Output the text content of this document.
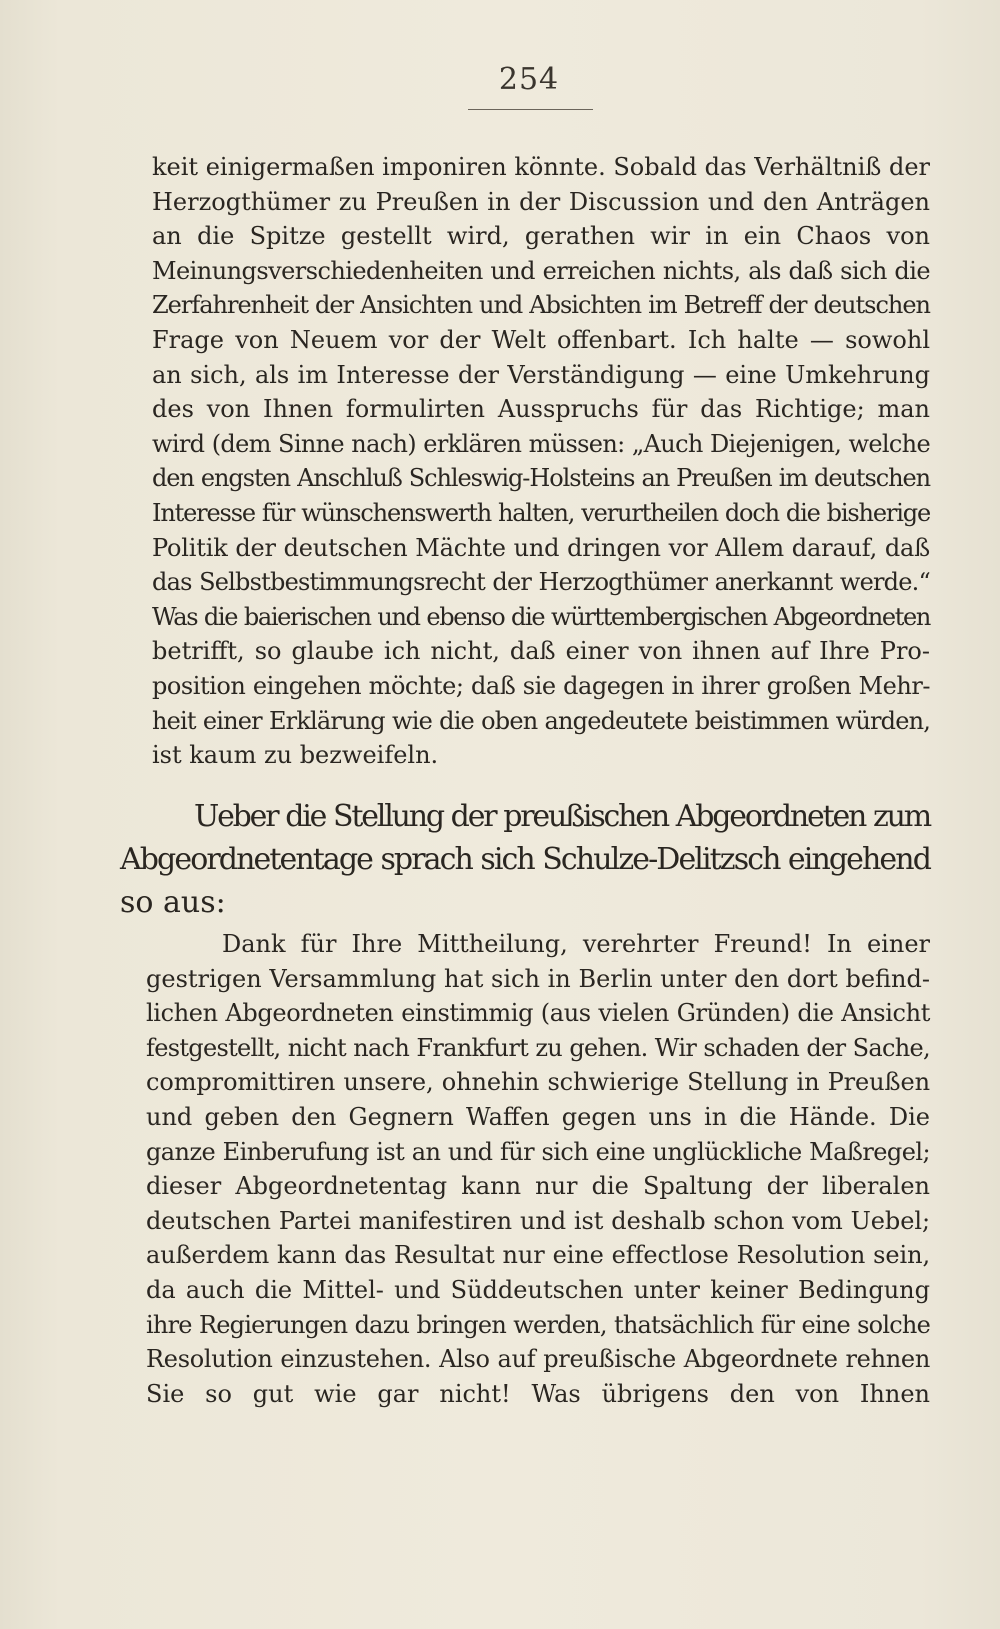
254
keit einigermaßen imponiren könnte. Sobald das Verhältniß der
Herzogthümer zu Preußen in der Discussion und den Anträgen
an die Spitze gestellt wird, gerathen wir in ein Chaos von
Meinungsverschiedenheiten und erreichen nichts, als daß sich die
Zerfahrenheit der Ansichten und Absichten im Betreff der deutschen
Frage von Neuem vor der Welt offenbart. Ich halte — sowohl
an sich, als im Interesse der Verständigung — eine Umkehrung
des von Ihnen formulirten Ausspruchs für das Richtige; man
wird (dem Sinne nach) erklären müssen: „Auch Diejenigen, welche
den engsten Anschluß Schleswig-Holsteins an Preußen im deutschen
Interesse für wünschenswerth halten, verurtheilen doch die bisherige
Politik der deutschen Mächte und dringen vor Allem darauf, daß
das Selbstbestimmungsrecht der Herzogthümer anerkannt werde.“
Was die baierischen und ebenso die württembergischen Abgeordneten
betrifft, so glaube ich nicht, daß einer von ihnen auf Ihre Pro-
position eingehen möchte; daß sie dagegen in ihrer großen Mehr-
heit einer Erklärung wie die oben angedeutete beistimmen würden,
ist kaum zu bezweifeln.
Ueber die Stellung der preußischen Abgeordneten zum
Abgeordnetentage sprach sich Schulze-Delitzsch eingehend
so aus:
Dank für Ihre Mittheilung, verehrter Freund! In einer
gestrigen Versammlung hat sich in Berlin unter den dort befind-
lichen Abgeordneten einstimmig (aus vielen Gründen) die Ansicht
festgestellt, nicht nach Frankfurt zu gehen. Wir schaden der Sache,
compromittiren unsere, ohnehin schwierige Stellung in Preußen
und geben den Gegnern Waffen gegen uns in die Hände. Die
ganze Einberufung ist an und für sich eine unglückliche Maßregel;
dieser Abgeordnetentag kann nur die Spaltung der liberalen
deutschen Partei manifestiren und ist deshalb schon vom Uebel;
außerdem kann das Resultat nur eine effectlose Resolution sein,
da auch die Mittel- und Süddeutschen unter keiner Bedingung
ihre Regierungen dazu bringen werden, thatsächlich für eine solche
Resolution einzustehen. Also auf preußische Abgeordnete rehnen
Sie so gut wie gar nicht! Was übrigens den von Ihnen
